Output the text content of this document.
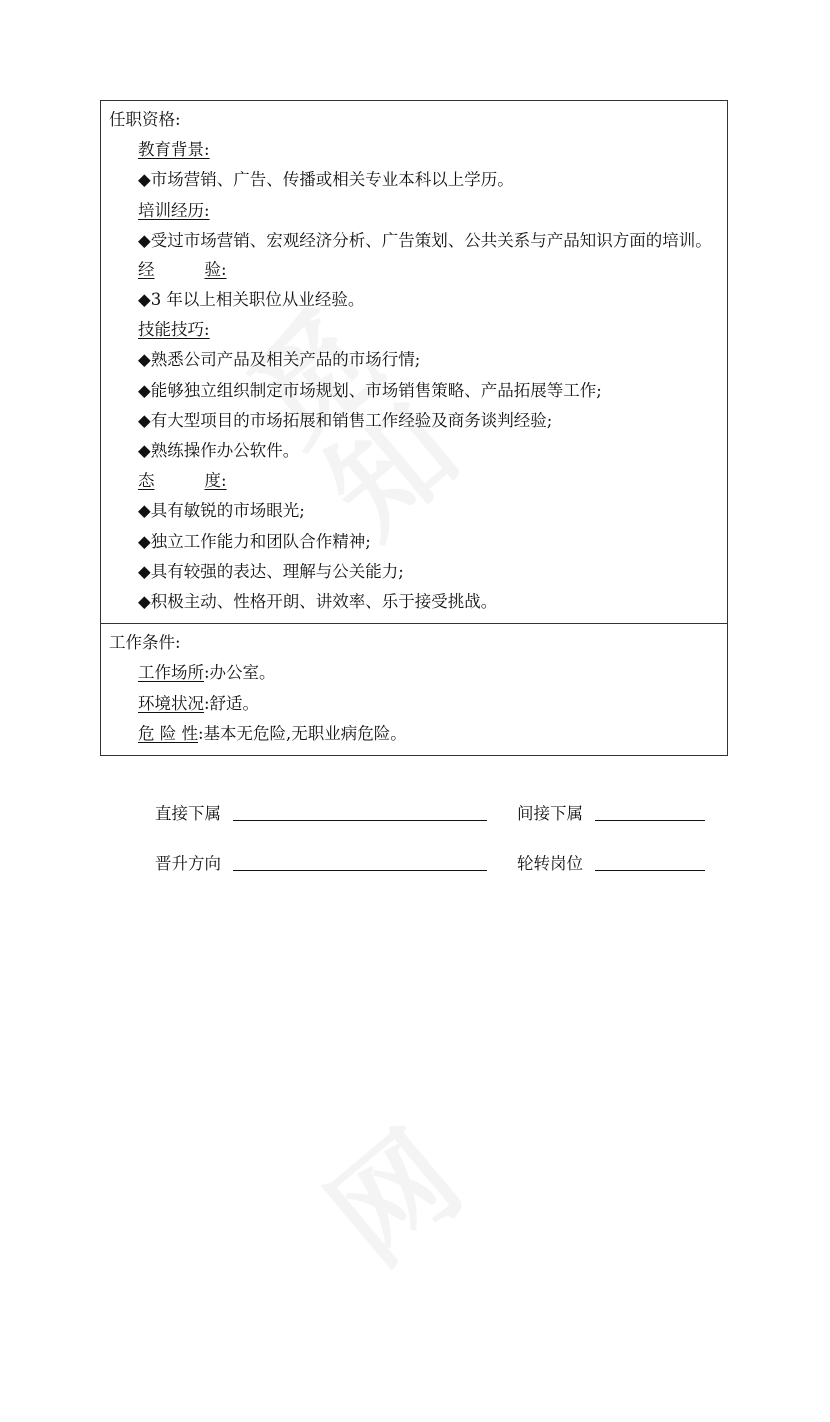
任职资格:
教育背景:
◆市场营销、广告、传播或相关专业本科以上学历。
培训经历:
◆受过市场营销、宏观经济分析、广告策划、公共关系与产品知识方面的培训。
经	验:
◆3 年以上相关职位从业经验。
技能技巧:
◆熟悉公司产品及相关产品的市场行情;
◆能够独立组织制定市场规划、市场销售策略、产品拓展等工作;
◆有大型项目的市场拓展和销售工作经验及商务谈判经验;
◆熟练操作办公软件。
态	度:
◆具有敏锐的市场眼光;
◆独立工作能力和团队合作精神;
◆具有较强的表达、理解与公关能力;
◆积极主动、性格开朗、讲效率、乐于接受挑战。
工作条件:
工作场所:办公室。
环境状况:舒适。
危 险 性:基本无危险,无职业病危险。
直接下属	间接下属
晋升方向	轮转岗位
